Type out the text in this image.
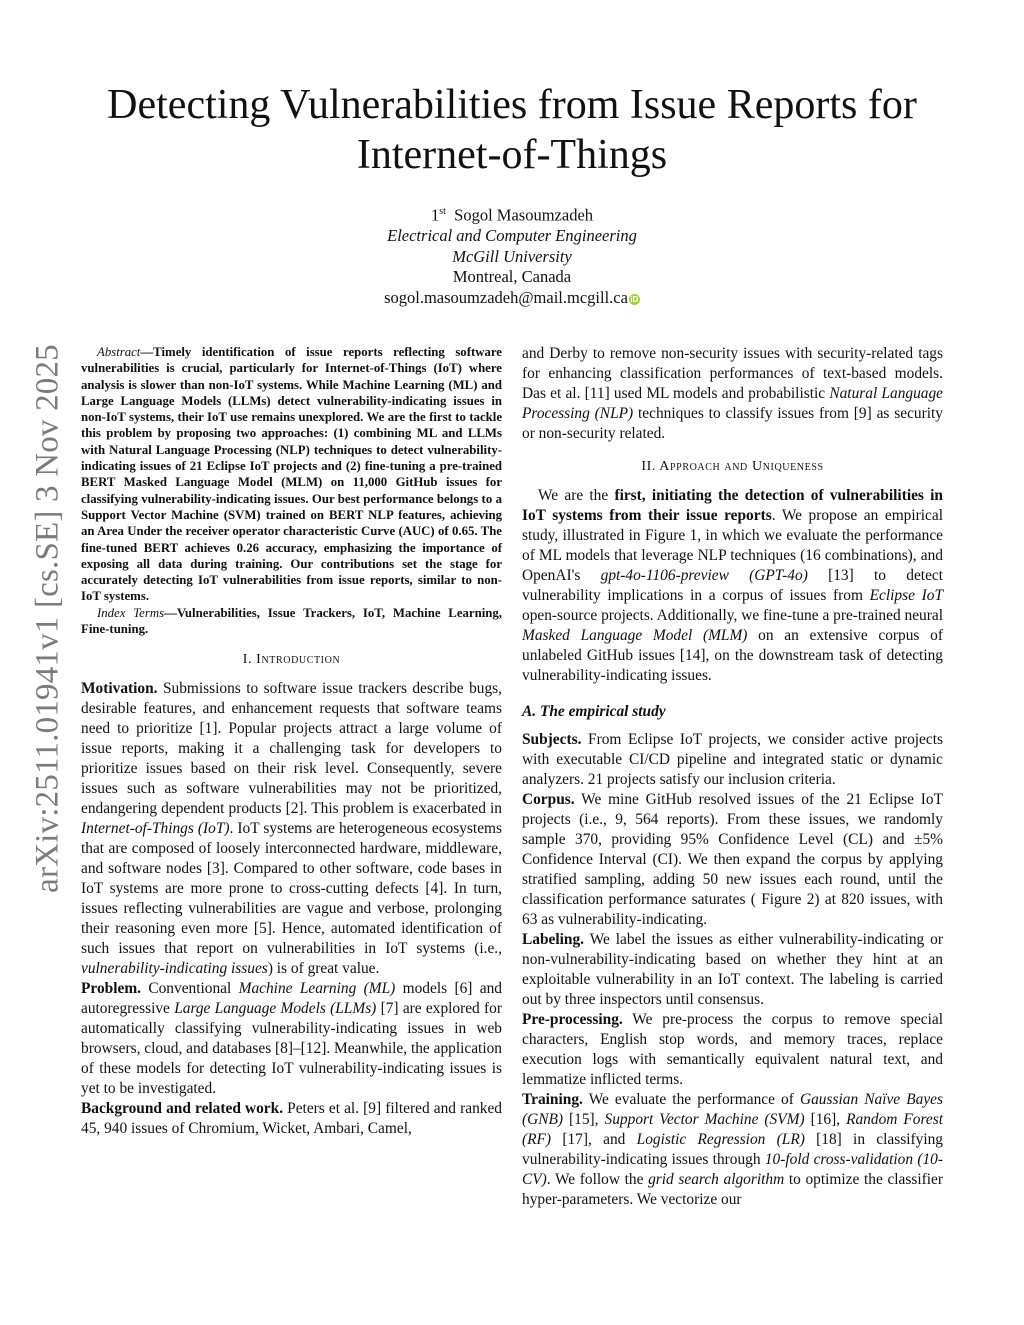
arXiv:2511.01941v1 [cs.SE] 3 Nov 2025
Detecting Vulnerabilities from Issue Reports for Internet-of-Things
1st Sogol Masoumzadeh
Electrical and Computer Engineering
McGill University
Montreal, Canada
sogol.masoumzadeh@mail.mcgill.ca iD

Abstract—Timely identification of issue reports reflecting software vulnerabilities is crucial, particularly for Internet-of-Things (IoT) where analysis is slower than non-IoT systems. While Machine Learning (ML) and Large Language Models (LLMs) detect vulnerability-indicating issues in non-IoT systems, their IoT use remains unexplored. We are the first to tackle this problem by proposing two approaches: (1) combining ML and LLMs with Natural Language Processing (NLP) techniques to detect vulnerability-indicating issues of 21 Eclipse IoT projects and (2) fine-tuning a pre-trained BERT Masked Language Model (MLM) on 11,000 GitHub issues for classifying vulnerability-indicating issues. Our best performance belongs to a Support Vector Machine (SVM) trained on BERT NLP features, achieving an Area Under the receiver operator characteristic Curve (AUC) of 0.65. The fine-tuned BERT achieves 0.26 accuracy, emphasizing the importance of exposing all data during training. Our contributions set the stage for accurately detecting IoT vulnerabilities from issue reports, similar to non-IoT systems.

Index Terms—Vulnerabilities, Issue Trackers, IoT, Machine Learning, Fine-tuning.

I. Introduction

Motivation. Submissions to software issue trackers describe bugs, desirable features, and enhancement requests that software teams need to prioritize [1]. Popular projects attract a large volume of issue reports, making it a challenging task for developers to prioritize issues based on their risk level. Consequently, severe issues such as software vulnerabilities may not be prioritized, endangering dependent products [2]. This problem is exacerbated in Internet-of-Things (IoT). IoT systems are heterogeneous ecosystems that are composed of loosely interconnected hardware, middleware, and software nodes [3]. Compared to other software, code bases in IoT systems are more prone to cross-cutting defects [4]. In turn, issues reflecting vulnerabilities are vague and verbose, prolonging their reasoning even more [5]. Hence, automated identification of such issues that report on vulnerabilities in IoT systems (i.e., vulnerability-indicating issues) is of great value.

Problem. Conventional Machine Learning (ML) models [6] and autoregressive Large Language Models (LLMs) [7] are explored for automatically classifying vulnerability-indicating issues in web browsers, cloud, and databases [8]–[12]. Meanwhile, the application of these models for detecting IoT vulnerability-indicating issues is yet to be investigated.

Background and related work. Peters et al. [9] filtered and ranked 45, 940 issues of Chromium, Wicket, Ambari, Camel,

and Derby to remove non-security issues with security-related tags for enhancing classification performances of text-based models. Das et al. [11] used ML models and probabilistic Natural Language Processing (NLP) techniques to classify issues from [9] as security or non-security related.

II. Approach and Uniqueness

We are the first, initiating the detection of vulnerabilities in IoT systems from their issue reports. We propose an empirical study, illustrated in Figure 1, in which we evaluate the performance of ML models that leverage NLP techniques (16 combinations), and OpenAI's gpt-4o-1106-preview (GPT-4o) [13] to detect vulnerability implications in a corpus of issues from Eclipse IoT open-source projects. Additionally, we fine-tune a pre-trained neural Masked Language Model (MLM) on an extensive corpus of unlabeled GitHub issues [14], on the downstream task of detecting vulnerability-indicating issues.

A. The empirical study

Subjects. From Eclipse IoT projects, we consider active projects with executable CI/CD pipeline and integrated static or dynamic analyzers. 21 projects satisfy our inclusion criteria.

Corpus. We mine GitHub resolved issues of the 21 Eclipse IoT projects (i.e., 9, 564 reports). From these issues, we randomly sample 370, providing 95% Confidence Level (CL) and ±5% Confidence Interval (CI). We then expand the corpus by applying stratified sampling, adding 50 new issues each round, until the classification performance saturates ( Figure 2) at 820 issues, with 63 as vulnerability-indicating.

Labeling. We label the issues as either vulnerability-indicating or non-vulnerability-indicating based on whether they hint at an exploitable vulnerability in an IoT context. The labeling is carried out by three inspectors until consensus.

Pre-processing. We pre-process the corpus to remove special characters, English stop words, and memory traces, replace execution logs with semantically equivalent natural text, and lemmatize inflicted terms.

Training. We evaluate the performance of Gaussian Naïve Bayes (GNB) [15], Support Vector Machine (SVM) [16], Random Forest (RF) [17], and Logistic Regression (LR) [18] in classifying vulnerability-indicating issues through 10-fold cross-validation (10-CV). We follow the grid search algorithm to optimize the classifier hyper-parameters. We vectorize our
